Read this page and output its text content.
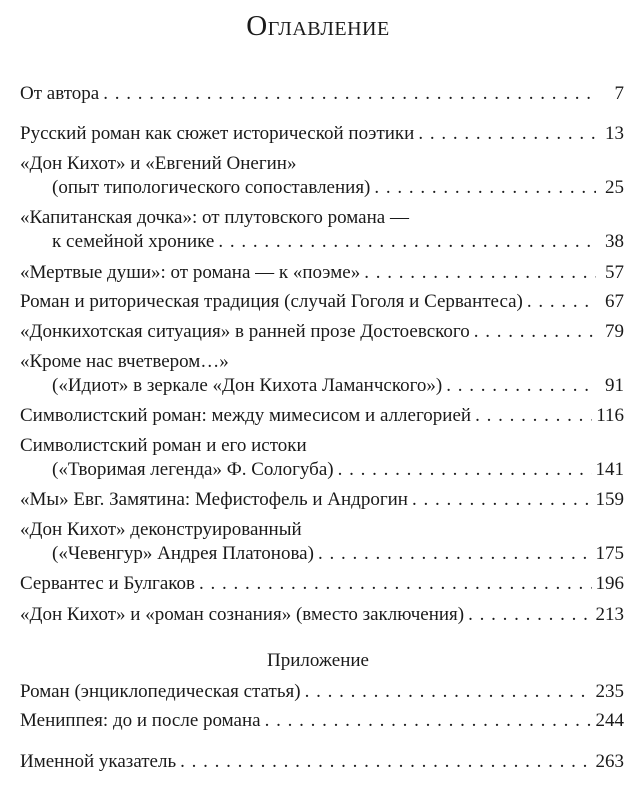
Оглавление
От автора . . .	7
Русский роман как сюжет исторической поэтики . . .	13
«Дон Кихот» и «Евгений Онегин»
(опыт типологического сопоставления) . . .	25
«Капитанская дочка»: от плутовского романа —
к семейной хронике . . .	38
«Мертвые души»: от романа — к «поэме» . . .	57
Роман и риторическая традиция (случай Гоголя и Сервантеса) . . .	67
«Донкихотская ситуация» в ранней прозе Достоевского . . .	79
«Кроме нас вчетвером…»
(«Идиот» в зеркале «Дон Кихота Ламанчского») . . .	91
Символистский роман: между мимесисом и аллегорией . . .	116
Символистский роман и его истоки
(«Творимая легенда» Ф. Сологуба) . . .	141
«Мы» Евг. Замятина: Мефистофель и Андрогин . . .	159
«Дон Кихот» деконструированный
(«Чевенгур» Андрея Платонова) . . .	175
Сервантес и Булгаков . . .	196
«Дон Кихот» и «роман сознания» (вместо заключения) . . .	213
Приложение
Роман (энциклопедическая статья) . . .	235
Мениппея: до и после романа . . .	244
Именной указатель . . .	263
